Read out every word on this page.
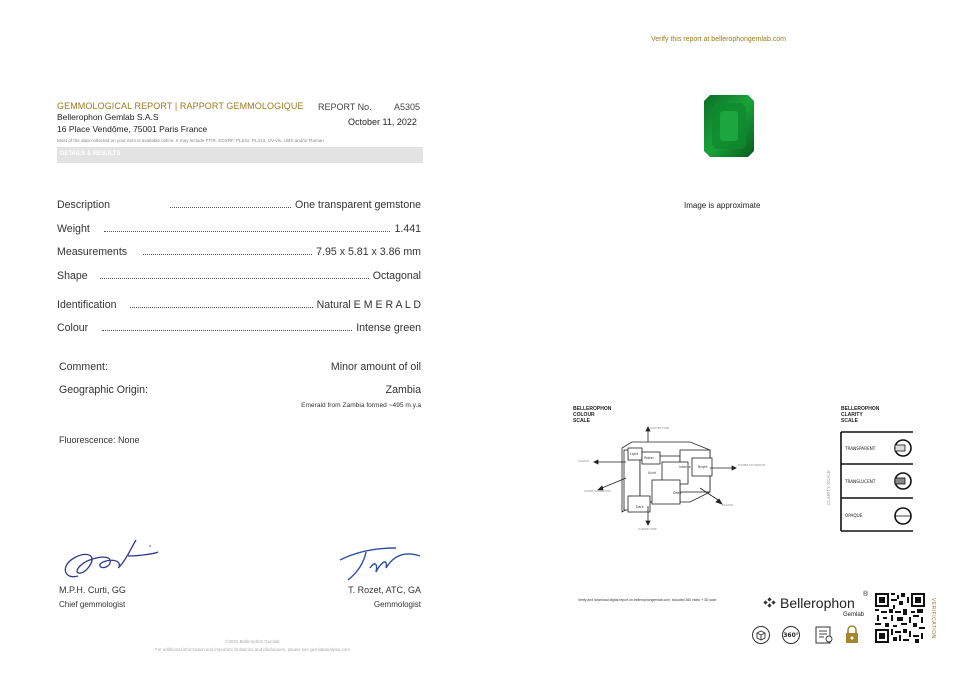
Verify this report at bellerophongemlab.com
GEMMOLOGICAL REPORT | RAPPORT GEMMOLOGIQUE REPORT No. A5305
Bellerophon Gemlab S.A.S	October 11, 2022
16 Place Vendôme, 75001 Paris France
Most of the data collected on your item is available online. It may include FTIR, EDXRF, PL532, PL313, UV-vis, LIBS and/or Raman
DETAILS & RESULTS
Description	One transparent gemstone
Weight	1.441
Measurements	7.95 x 5.81 x 3.86 mm
Shape	Octagonal
Identification	Natural E M E R A L D
Colour	Intense green
Comment:	Minor amount of oil
Geographic Origin:	Zambia
Emerald from Zambia formed ~495 m.y.a
Fluorescence: None
Image is approximate
BELLEROPHON
COLOUR
SCALE
Light
Pastel
Vivid
Intense Bright
Deep
Dark
LIGHTER TONE
DARKER TONE
COLOUR
COLOUR
HIGHER SATURATION
LOWER SATURATION
BELLEROPHON
CLARITY
SCALE
CLARITY SCALE
TRANSPARENT
TRANSLUCENT
OPAQUE
M.P.H. Curti, GG
Chief gemmologist
T. Rozet, ATC, GA
Gemmologist
©2022 Bellerophon Gemlab
For additional information and important limitations and disclaimers, please see gemlabanalysis.com
Verify and download digital report on bellerophongemlab.com, included 360 video + 3D scan	Bellerophon
®
Gemlab	VERIFICATION
360°
